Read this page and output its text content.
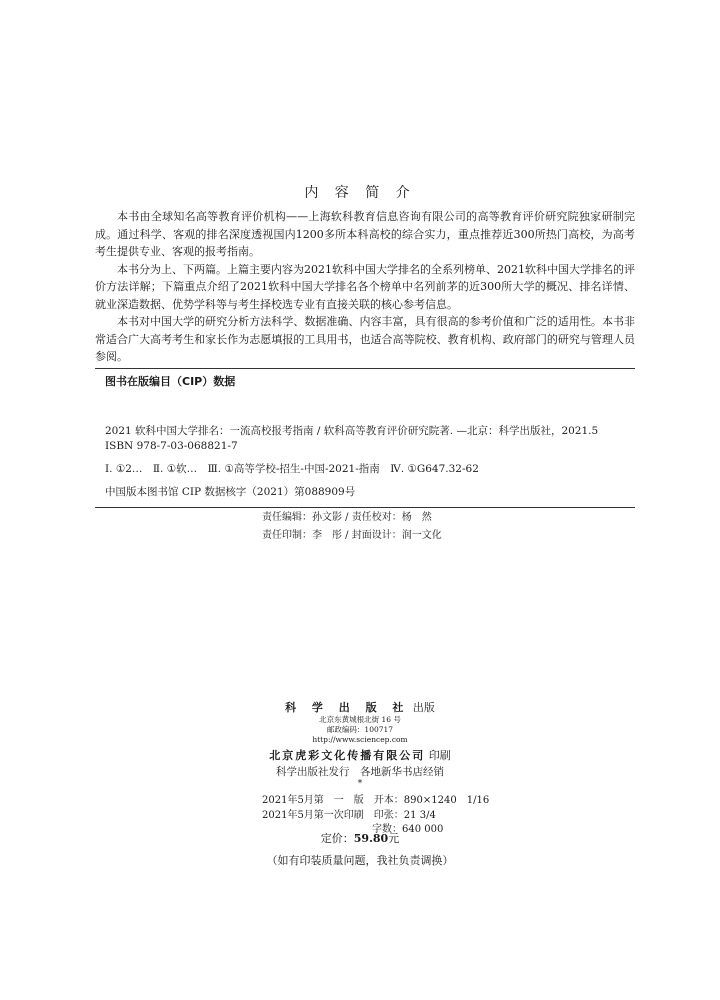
内 容 简 介

本书由全球知名高等教育评价机构——上海软科教育信息咨询有限公司的高等教育评价研究院独家研制完成。通过科学、客观的排名深度透视国内1200多所本科高校的综合实力，重点推荐近300所热门高校，为高考考生提供专业、客观的报考指南。

本书分为上、下两篇。上篇主要内容为2021软科中国大学排名的全系列榜单、2021软科中国大学排名的评价方法详解；下篇重点介绍了2021软科中国大学排名各个榜单中名列前茅的近300所大学的概况、排名详情、就业深造数据、优势学科等与考生择校选专业有直接关联的核心参考信息。

本书对中国大学的研究分析方法科学、数据准确、内容丰富，具有很高的参考价值和广泛的适用性。本书非常适合广大高考考生和家长作为志愿填报的工具用书，也适合高等院校、教育机构、政府部门的研究与管理人员参阅。

图书在版编目（CIP）数据
2021 软科中国大学排名：一流高校报考指南 / 软科高等教育评价研究院著. —北京：科学出版社，2021.5
ISBN 978-7-03-068821-7
Ⅰ. ①2…　Ⅱ. ①软…　Ⅲ. ①高等学校-招生-中国-2021-指南　Ⅳ. ①G647.32-62
中国版本图书馆 CIP 数据核字（2021）第088909号
责任编辑：孙文影 / 责任校对：杨　然
责任印制：李　彤 / 封面设计：润一文化
科 学 出 版 社 出版
北京东黄城根北街 16 号
邮政编码：100717
http://www.sciencep.com
北京虎彩文化传播有限公司 印刷
科学出版社发行　各地新华书店经销
*
2021年5月第　一　版　开本：890×1240　1/16
2021年5月第一次印刷　印张：21 3/4
字数：640 000
定价：59.80元
（如有印装质量问题，我社负责调换）
